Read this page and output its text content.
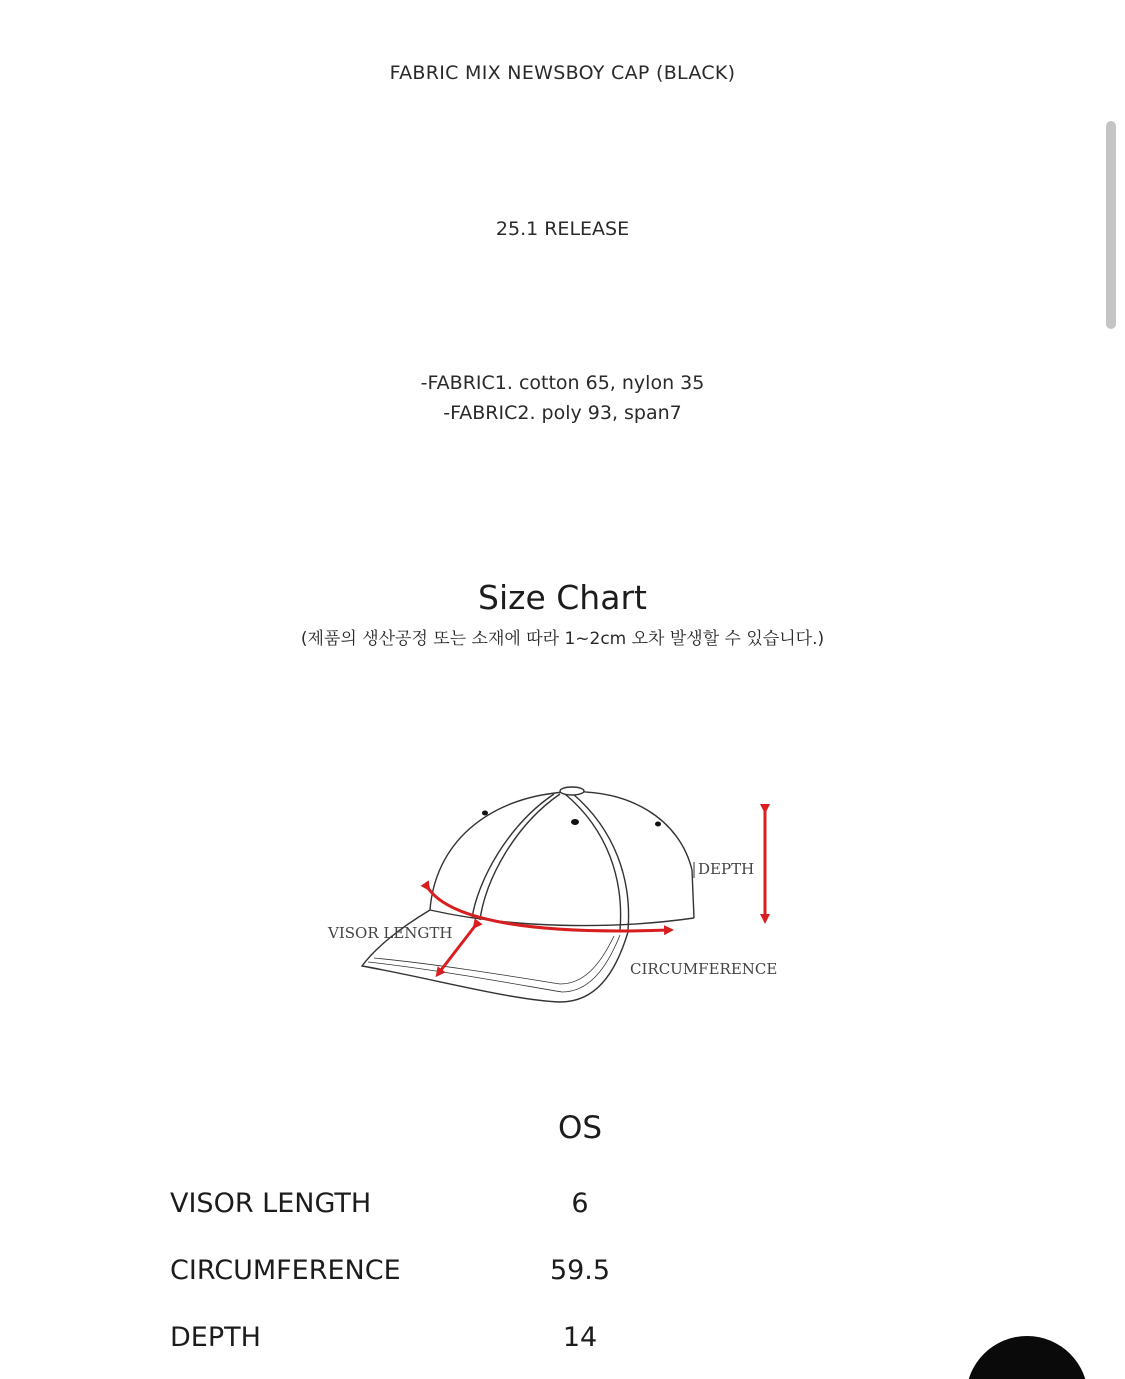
FABRIC MIX NEWSBOY CAP (BLACK)
25.1 RELEASE
-FABRIC1. cotton 65, nylon 35
-FABRIC2. poly 93, span7
Size Chart
(제품의 생산공정 또는 소재에 따라 1~2cm 오차 발생할 수 있습니다.)
DEPTH
VISOR LENGTH
CIRCUMFERENCE
OS
VISOR LENGTH	6
CIRCUMFERENCE	59.5
DEPTH	14
